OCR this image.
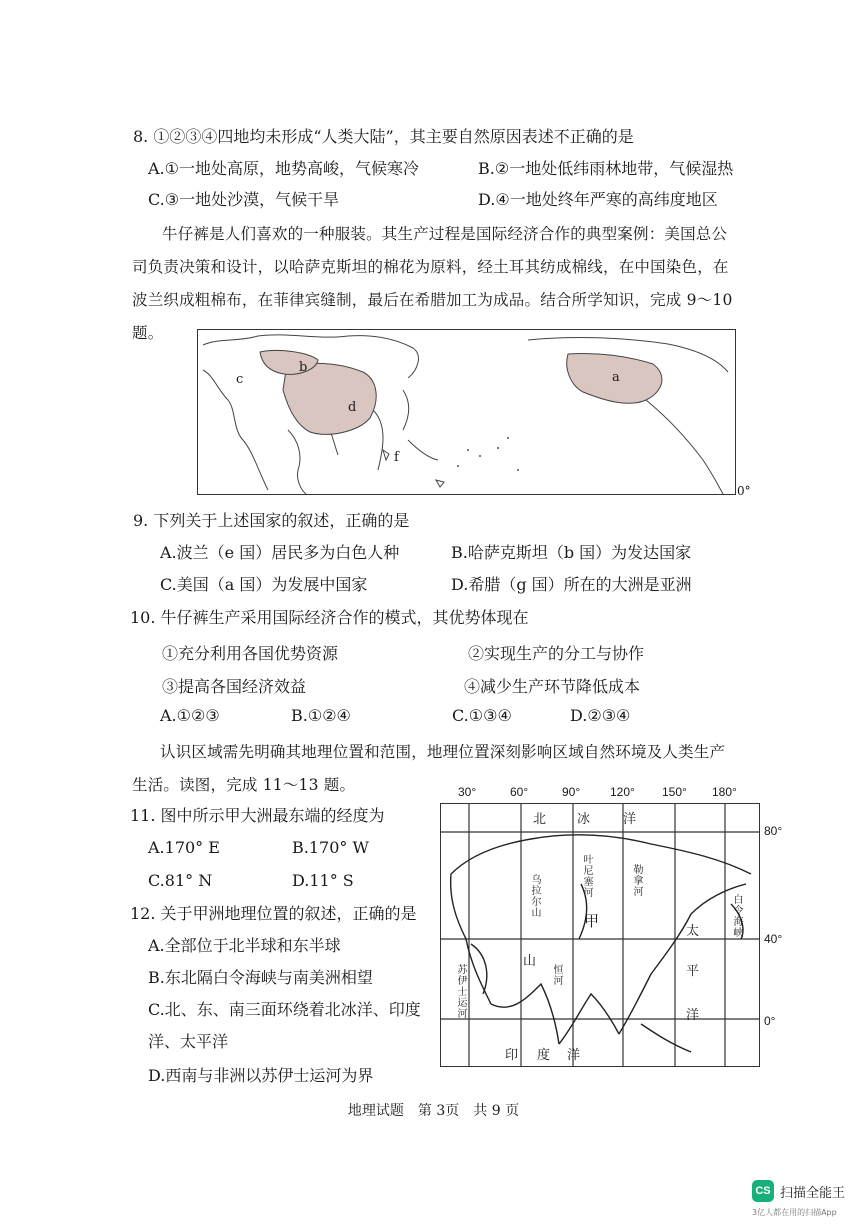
8. ①②③④四地均未形成“人类大陆”，其主要自然原因表述不正确的是
A.①一地处高原，地势高峻，气候寒冷	B.②一地处低纬雨林地带，气候湿热
C.③一地处沙漠，气候干旱	D.④一地处终年严寒的高纬度地区
牛仔裤是人们喜欢的一种服装。其生产过程是国际经济合作的典型案例：美国总公
司负责决策和设计，以哈萨克斯坦的棉花为原料，经土耳其纺成棉线，在中国染色，在
波兰织成粗棉布，在菲律宾缝制，最后在希腊加工为成品。结合所学知识，完成 9～10
题。
b
d
c
f
a
0°
9. 下列关于上述国家的叙述，正确的是
A.波兰（e 国）居民多为白色人种	B.哈萨克斯坦（b 国）为发达国家
C.美国（a 国）为发展中国家	D.希腊（g 国）所在的大洲是亚洲
10. 牛仔裤生产采用国际经济合作的模式，其优势体现在
①充分利用各国优势资源	②实现生产的分工与协作
③提高各国经济效益	④减少生产环节降低成本
A.①②③	B.①②④	C.①③④	D.②③④
认识区域需先明确其地理位置和范围，地理位置深刻影响区域自然环境及人类生产
生活。读图，完成 11～13 题。	30°	60°	90° 120° 150° 180°
北 冰	洋
太
平
洋
印 度 洋
甲	白令海峡
苏伊士运河
叶尼塞河
乌拉尔山	勒拿河
恒河
山
80°
40°
0°
11. 图中所示甲大洲最东端的经度为
A.170° E	B.170° W
C.81° N	D.11° S
12. 关于甲洲地理位置的叙述，正确的是
A.全部位于北半球和东半球
B.东北隔白令海峡与南美洲相望
C.北、东、南三面环绕着北冰洋、印度
洋、太平洋
D.西南与非洲以苏伊士运河为界
地理试题　第 3页　共 9 页
CS 扫描全能王
3亿人都在用的扫描App
